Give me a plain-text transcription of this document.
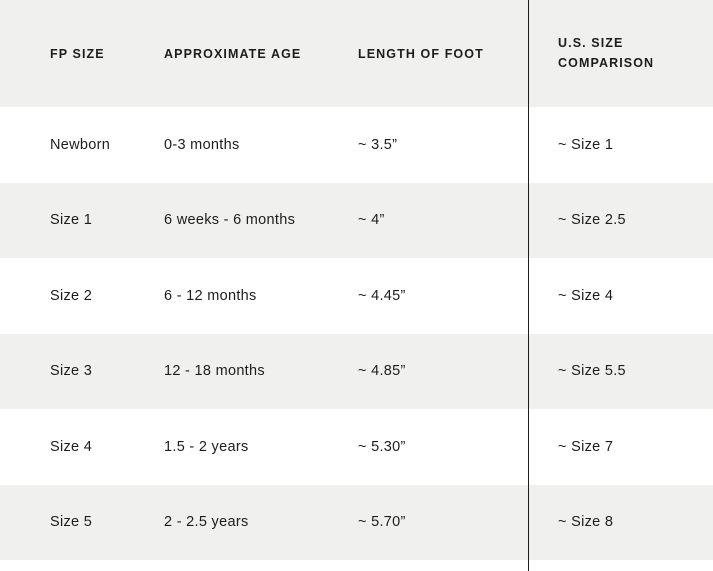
FP SIZE	APPROXIMATE AGE	LENGTH OF FOOT	U.S. SIZE COMPARISON

Newborn	0-3 months	~ 3.5”	~ Size 1
Size 1	6 weeks - 6 months	~ 4”	~ Size 2.5
Size 2	6 - 12 months	~ 4.45”	~ Size 4
Size 3	12 - 18 months	~ 4.85”	~ Size 5.5
Size 4	1.5 - 2 years	~ 5.30”	~ Size 7
Size 5	2 - 2.5 years	~ 5.70”	~ Size 8
